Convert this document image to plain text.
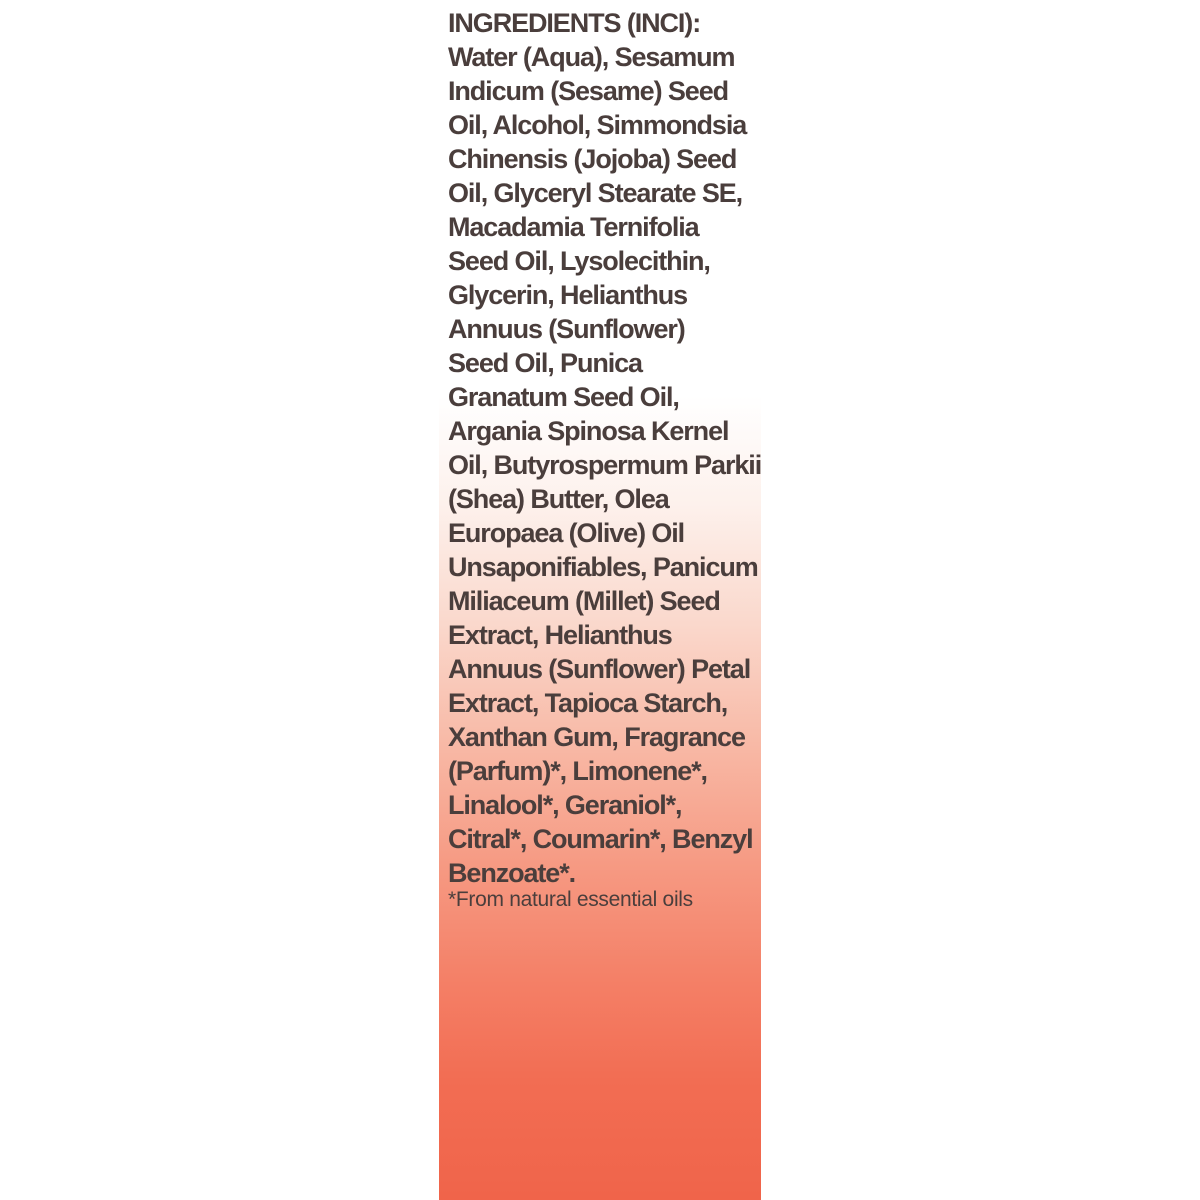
INGREDIENTS (INCI):
Water (Aqua), Sesamum
Indicum (Sesame) Seed
Oil, Alcohol, Simmondsia
Chinensis (Jojoba) Seed
Oil, Glyceryl Stearate SE,
Macadamia Ternifolia
Seed Oil, Lysolecithin,
Glycerin, Helianthus
Annuus (Sunflower)
Seed Oil, Punica
Granatum Seed Oil,
Argania Spinosa Kernel
Oil, Butyrospermum Parkii
(Shea) Butter, Olea
Europaea (Olive) Oil
Unsaponifiables, Panicum
Miliaceum (Millet) Seed
Extract, Helianthus
Annuus (Sunflower) Petal
Extract, Tapioca Starch,
Xanthan Gum, Fragrance
(Parfum)*, Limonene*,
Linalool*, Geraniol*,
Citral*, Coumarin*, Benzyl
Benzoate*.
*From natural essential oils
